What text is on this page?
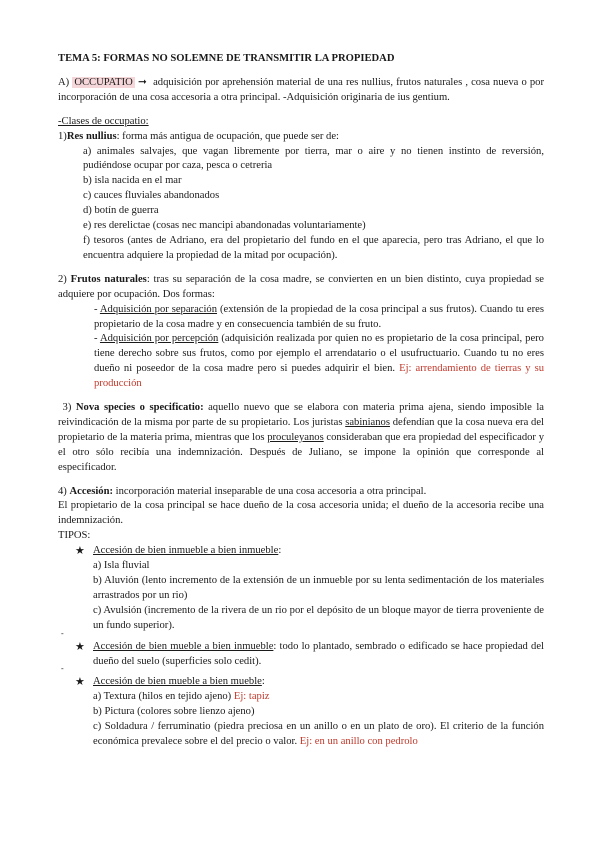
TEMA 5: FORMAS NO SOLEMNE DE TRANSMITIR LA PROPIEDAD

A) OCCUPATIO ➞ adquisición por aprehensión material de una res nullius, frutos naturales , cosa nueva o por incorporación de una cosa accesoria a otra principal. -Adquisición originaria de ius gentium.

-Clases de occupatio:

1)Res nullius: forma más antigua de ocupación, que puede ser de:

a) animales salvajes, que vagan libremente por tierra, mar o aire y no tienen instinto de reversión, pudiéndose ocupar por caza, pesca o cetreria

b) isla nacida en el mar

c) cauces fluviales abandonados

d) botín de guerra

e) res derelictae (cosas nec mancipi abandonadas voluntariamente)

f) tesoros (antes de Adriano, era del propietario del fundo en el que aparecia, pero tras Adriano, el que lo encuentra adquiere la propiedad de la mitad por ocupación).

2) Frutos naturales: tras su separación de la cosa madre, se convierten en un bien distinto, cuya propiedad se adquiere por ocupación. Dos formas:

- Adquisición por separación (extensión de la propiedad de la cosa principal a sus frutos). Cuando tu eres propietario de la cosa madre y en consecuencia también de su fruto.

- Adquisición por percepción (adquisición realizada por quien no es propietario de la cosa principal, pero tiene derecho sobre sus frutos, como por ejemplo el arrendatario o el usufructuario. Cuando tu no eres dueño ni poseedor de la cosa madre pero si puedes adquirir el bien. Ej: arrendamiento de tierras y su producción

3) Nova species o specificatio: aquello nuevo que se elabora con materia prima ajena, siendo imposible la reivindicación de la misma por parte de su propietario. Los juristas sabinianos defendían que la cosa nueva era del propietario de la materia prima, mientras que los proculeyanos consideraban que era propiedad del especificador y el otro sólo recibía una indemnización. Después de Juliano, se impone la opinión que corresponde al especificador.

4) Accesión: incorporación material inseparable de una cosa accesoria a otra principal.

El propietario de la cosa principal se hace dueño de la cosa accesoria unida; el dueño de la accesoria recibe una indemnización.

TIPOS:

★ Accesión de bien inmueble a bien inmueble:

a) Isla fluvial

b) Aluvión (lento incremento de la extensión de un inmueble por su lenta sedimentación de los materiales arrastrados por un rio)

c) Avulsión (incremento de la rivera de un rio por el depósito de un bloque mayor de tierra proveniente de un fundo superior).

-
★ Accesión de bien mueble a bien inmueble: todo lo plantado, sembrado o edificado se hace propiedad del dueño del suelo (superficies solo cedit).

-
★ Accesión de bien mueble a bien mueble:

a) Textura (hilos en tejido ajeno) Ej: tapiz

b) Pictura (colores sobre lienzo ajeno)

c) Soldadura / ferruminatio (piedra preciosa en un anillo o en un plato de oro). El criterio de la función económica prevalece sobre el del precio o valor. Ej: en un anillo con pedrolo
